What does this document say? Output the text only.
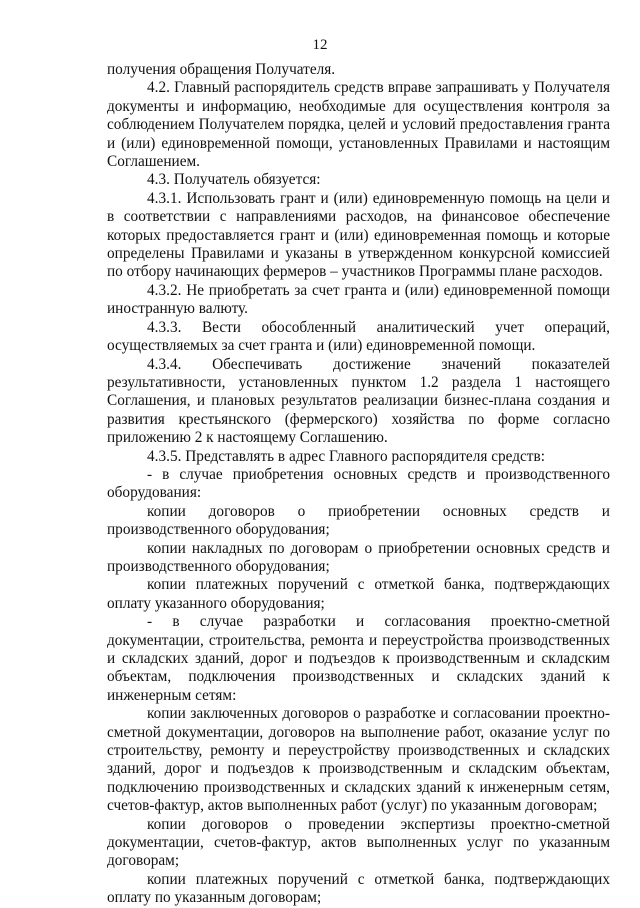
12

получения обращения Получателя.

4.2. Главный распорядитель средств вправе запрашивать у Получателя документы и информацию, необходимые для осуществления контроля за соблюдением Получателем порядка, целей и условий предоставления гранта и (или) единовременной помощи, установленных Правилами и настоящим Соглашением.

4.3. Получатель обязуется:

4.3.1. Использовать грант и (или) единовременную помощь на цели и в соответствии с направлениями расходов, на финансовое обеспечение которых предоставляется грант и (или) единовременная помощь и которые определены Правилами и указаны в утвержденном конкурсной комиссией по отбору начинающих фермеров – участников Программы плане расходов.

4.3.2. Не приобретать за счет гранта и (или) единовременной помощи иностранную валюту.

4.3.3. Вести обособленный аналитический учет операций, осуществляемых за счет гранта и (или) единовременной помощи.

4.3.4. Обеспечивать достижение значений показателей результативности, установленных пунктом 1.2 раздела 1 настоящего Соглашения, и плановых результатов реализации бизнес-плана создания и развития крестьянского (фермерского) хозяйства по форме согласно приложению 2 к настоящему Соглашению.

4.3.5. Представлять в адрес Главного распорядителя средств:

- в случае приобретения основных средств и производственного оборудования:

копии договоров о приобретении основных средств и производственного оборудования;

копии накладных по договорам о приобретении основных средств и производственного оборудования;

копии платежных поручений с отметкой банка, подтверждающих оплату указанного оборудования;

- в случае разработки и согласования проектно-сметной документации, строительства, ремонта и переустройства производственных и складских зданий, дорог и подъездов к производственным и складским объектам, подключения производственных и складских зданий к инженерным сетям:

копии заключенных договоров о разработке и согласовании проектно-сметной документации, договоров на выполнение работ, оказание услуг по строительству, ремонту и переустройству производственных и складских зданий, дорог и подъездов к производственным и складским объектам, подключению производственных и складских зданий к инженерным сетям, счетов-фактур, актов выполненных работ (услуг) по указанным договорам;

копии договоров о проведении экспертизы проектно-сметной документации, счетов-фактур, актов выполненных услуг по указанным договорам;

копии платежных поручений с отметкой банка, подтверждающих оплату по указанным договорам;
